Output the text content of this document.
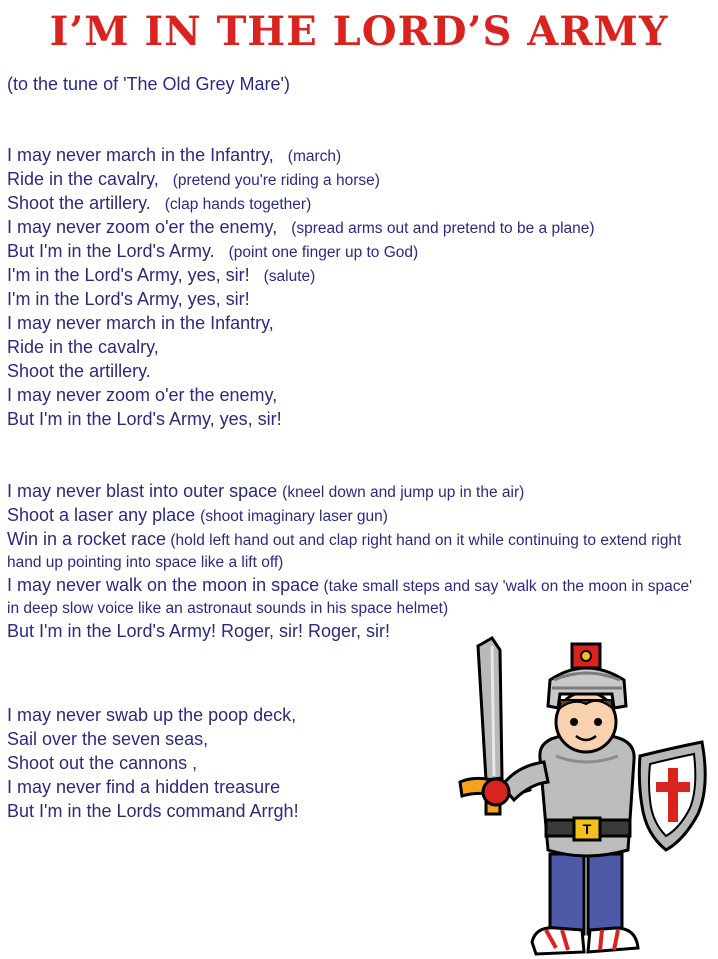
I’M IN THE LORD’S ARMY
(to the tune of 'The Old Grey Mare')
I may never march in the Infantry, (march)
Ride in the cavalry, (pretend you're riding a horse)
Shoot the artillery. (clap hands together)
I may never zoom o'er the enemy, (spread arms out and pretend to be a plane)
But I'm in the Lord's Army. (point one finger up to God)
I'm in the Lord's Army, yes, sir! (salute)
I'm in the Lord's Army, yes, sir!
I may never march in the Infantry,
Ride in the cavalry,
Shoot the artillery.
I may never zoom o'er the enemy,
But I'm in the Lord's Army, yes, sir!
I may never blast into outer space (kneel down and jump up in the air)
Shoot a laser any place (shoot imaginary laser gun)
Win in a rocket race (hold left hand out and clap right hand on it while continuing to extend right hand up pointing into space like a lift off)
I may never walk on the moon in space (take small steps and say 'walk on the moon in space' in deep slow voice like an astronaut sounds in his space helmet)
But I'm in the Lord's Army! Roger, sir! Roger, sir!
I may never swab up the poop deck,
Sail over the seven seas,
Shoot out the cannons ,
I may never find a hidden treasure
But I'm in the Lords command Arrgh!
T
